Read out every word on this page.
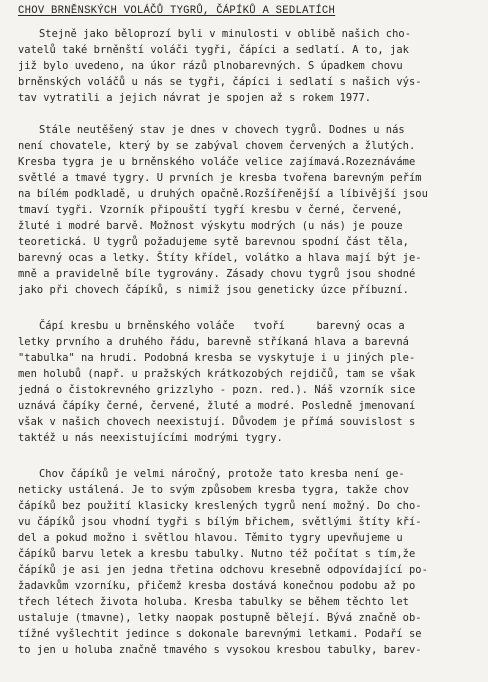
CHOV BRNĚNSKÝCH VOLÁČŮ TYGRŮ, ČÁPÍKŮ A SEDLATÍCH
Stejně jako běloprozí byli v minulosti v oblibě našich cho-
vatelů také brněnští voláči tygři, čápíci a sedlatí. A to, jak
již bylo uvedeno, na úkor rázů plnobarevných. S úpadkem chovu
brněnských voláčů u nás se tygři, čápíci i sedlatí s našich výs-
tav vytratili a jejich návrat je spojen až s rokem 1977.
Stále neutěšený stav je dnes v chovech tygrů. Dodnes u nás
není chovatele, který by se zabýval chovem červených a žlutých.
Kresba tygra je u brněnského voláče velice zajímavá.Rozeznáváme
světlé a tmavé tygry. U prvních je kresba tvořena barevným peřím
na bílém podkladě, u druhých opačně.Rozšířenější a líbivější jsou
tmaví tygři. Vzorník připouští tygří kresbu v černé, červené,
žluté i modré barvě. Možnost výskytu modrých (u nás) je pouze
teoretická. U tygrů požadujeme sytě barevnou spodní část těla,
barevný ocas a letky. Štíty křídel, volátko a hlava mají být je-
mně a pravidelně bíle tygrovány. Zásady chovu tygrů jsou shodné
jako při chovech čápíků, s nimiž jsou geneticky úzce příbuzní.
Čápí kresbu u brněnského voláče   tvoří     barevný ocas a
letky prvního a druhého řádu, barevně stříkaná hlava a barevná
"tabulka" na hrudi. Podobná kresba se vyskytuje i u jiných ple-
men holubů (např. u pražských krátkozobých rejdičů, tam se však
jedná o čistokrevného grizzlyho - pozn. red.). Náš vzorník sice
uznává čápíky černé, červené, žluté a modré. Posledně jmenovaní
však v našich chovech neexistují. Důvodem je přímá souvislost s
taktéž u nás neexistujícími modrými tygry.
Chov čápíků je velmi náročný, protože tato kresba není ge-
neticky ustálená. Je to svým způsobem kresba tygra, takže chov
čápíků bez použití klasicky kreslených tygrů není možný. Do cho-
vu čápíků jsou vhodní tygři s bílým břichem, světlými štíty kří-
del a pokud možno i světlou hlavou. Těmito tygry upevňujeme u
čápíků barvu letek a kresbu tabulky. Nutno též počítat s tím,že
čápíků je asi jen jedna třetina odchovu kresebně odpovídající po-
žadavkům vzorníku, přičemž kresba dostává konečnou podobu až po
třech létech života holuba. Kresba tabulky se během těchto let
ustaluje (tmavne), letky naopak postupně bělejí. Bývá značně ob-
tížné vyšlechtit jedince s dokonale barevnými letkami. Podaří se
to jen u holuba značně tmavého s vysokou kresbou tabulky, barev-
